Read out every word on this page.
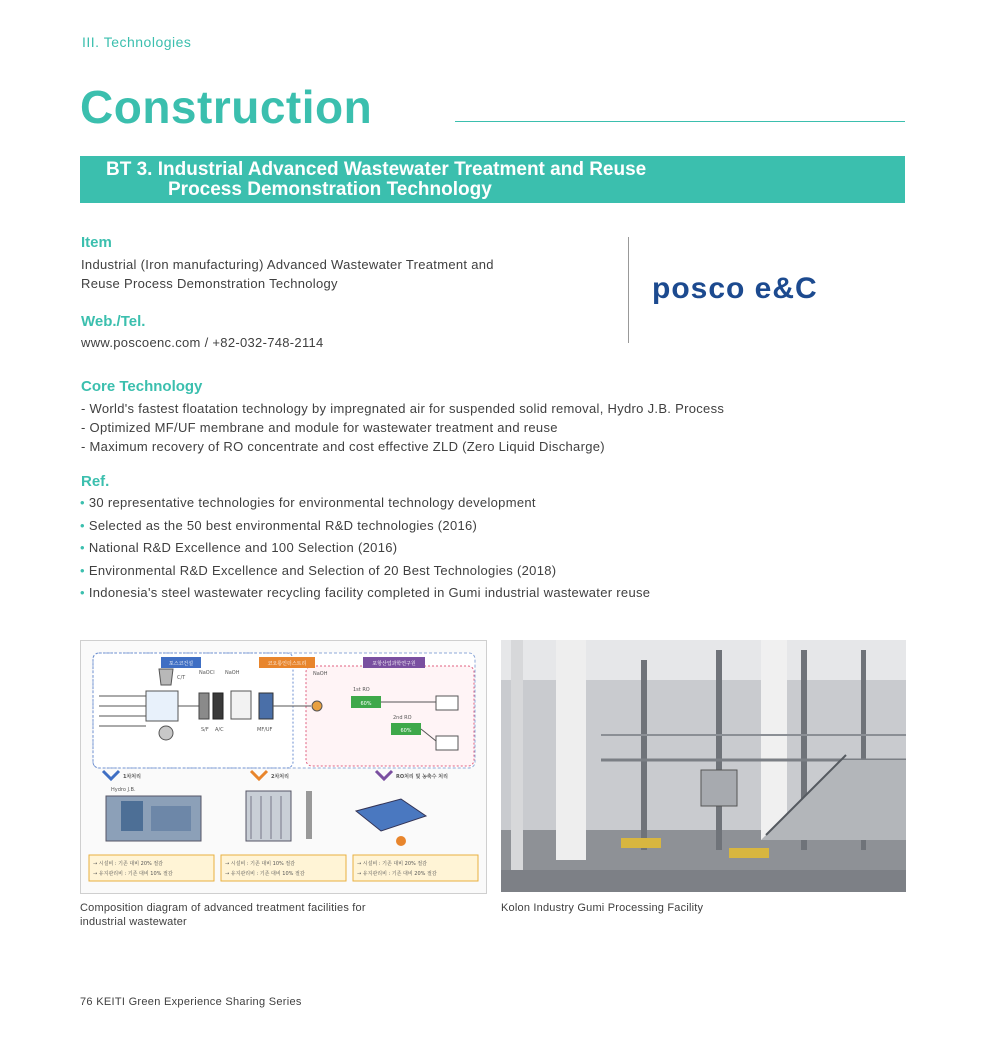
III. Technologies
Construction
BT 3. Industrial Advanced Wastewater Treatment and Reuse
Process Demonstration Technology
Item
Industrial (Iron manufacturing) Advanced Wastewater Treatment and
Reuse Process Demonstration Technology
Web./Tel.
www.poscoenc.com / +82-032-748-2114
posco e&C
Core Technology
- World's fastest floatation technology by impregnated air for suspended solid removal, Hydro J.B. Process
- Optimized MF/UF membrane and module for wastewater treatment and reuse
- Maximum recovery of RO concentrate and cost effective ZLD (Zero Liquid Discharge)
Ref.
• 30 representative technologies for environmental technology development
• Selected as the 50 best environmental R&D technologies (2016)
• National R&D Excellence and 100 Selection (2016)
• Environmental R&D Excellence and Selection of 20 Best Technologies (2018)
• Indonesia's steel wastewater recycling facility completed in Gumi industrial wastewater reuse
포스코건설	코오롱인더스트리	포항산업과학연구원
C/T
S/F A/C
NaOCl NaOH
MF/UF
NaOH
60%
1st RO
60%
2nd RO
1차처리	2차처리	RO처리 및 농축수 처리
Hydro J.B.
→ 시설비 : 기존 대비 20% 절감
→ 유지관리비 : 기존 대비 10% 절감
→ 시설비 : 기존 대비 10% 절감
→ 유지관리비 : 기존 대비 10% 절감
→ 시설비 : 기존 대비 20% 절감
→ 유지관리비 : 기존 대비 20% 절감
Composition diagram of advanced treatment facilities for
industrial wastewater
Kolon Industry Gumi Processing Facility
76 KEITI Green Experience Sharing Series
